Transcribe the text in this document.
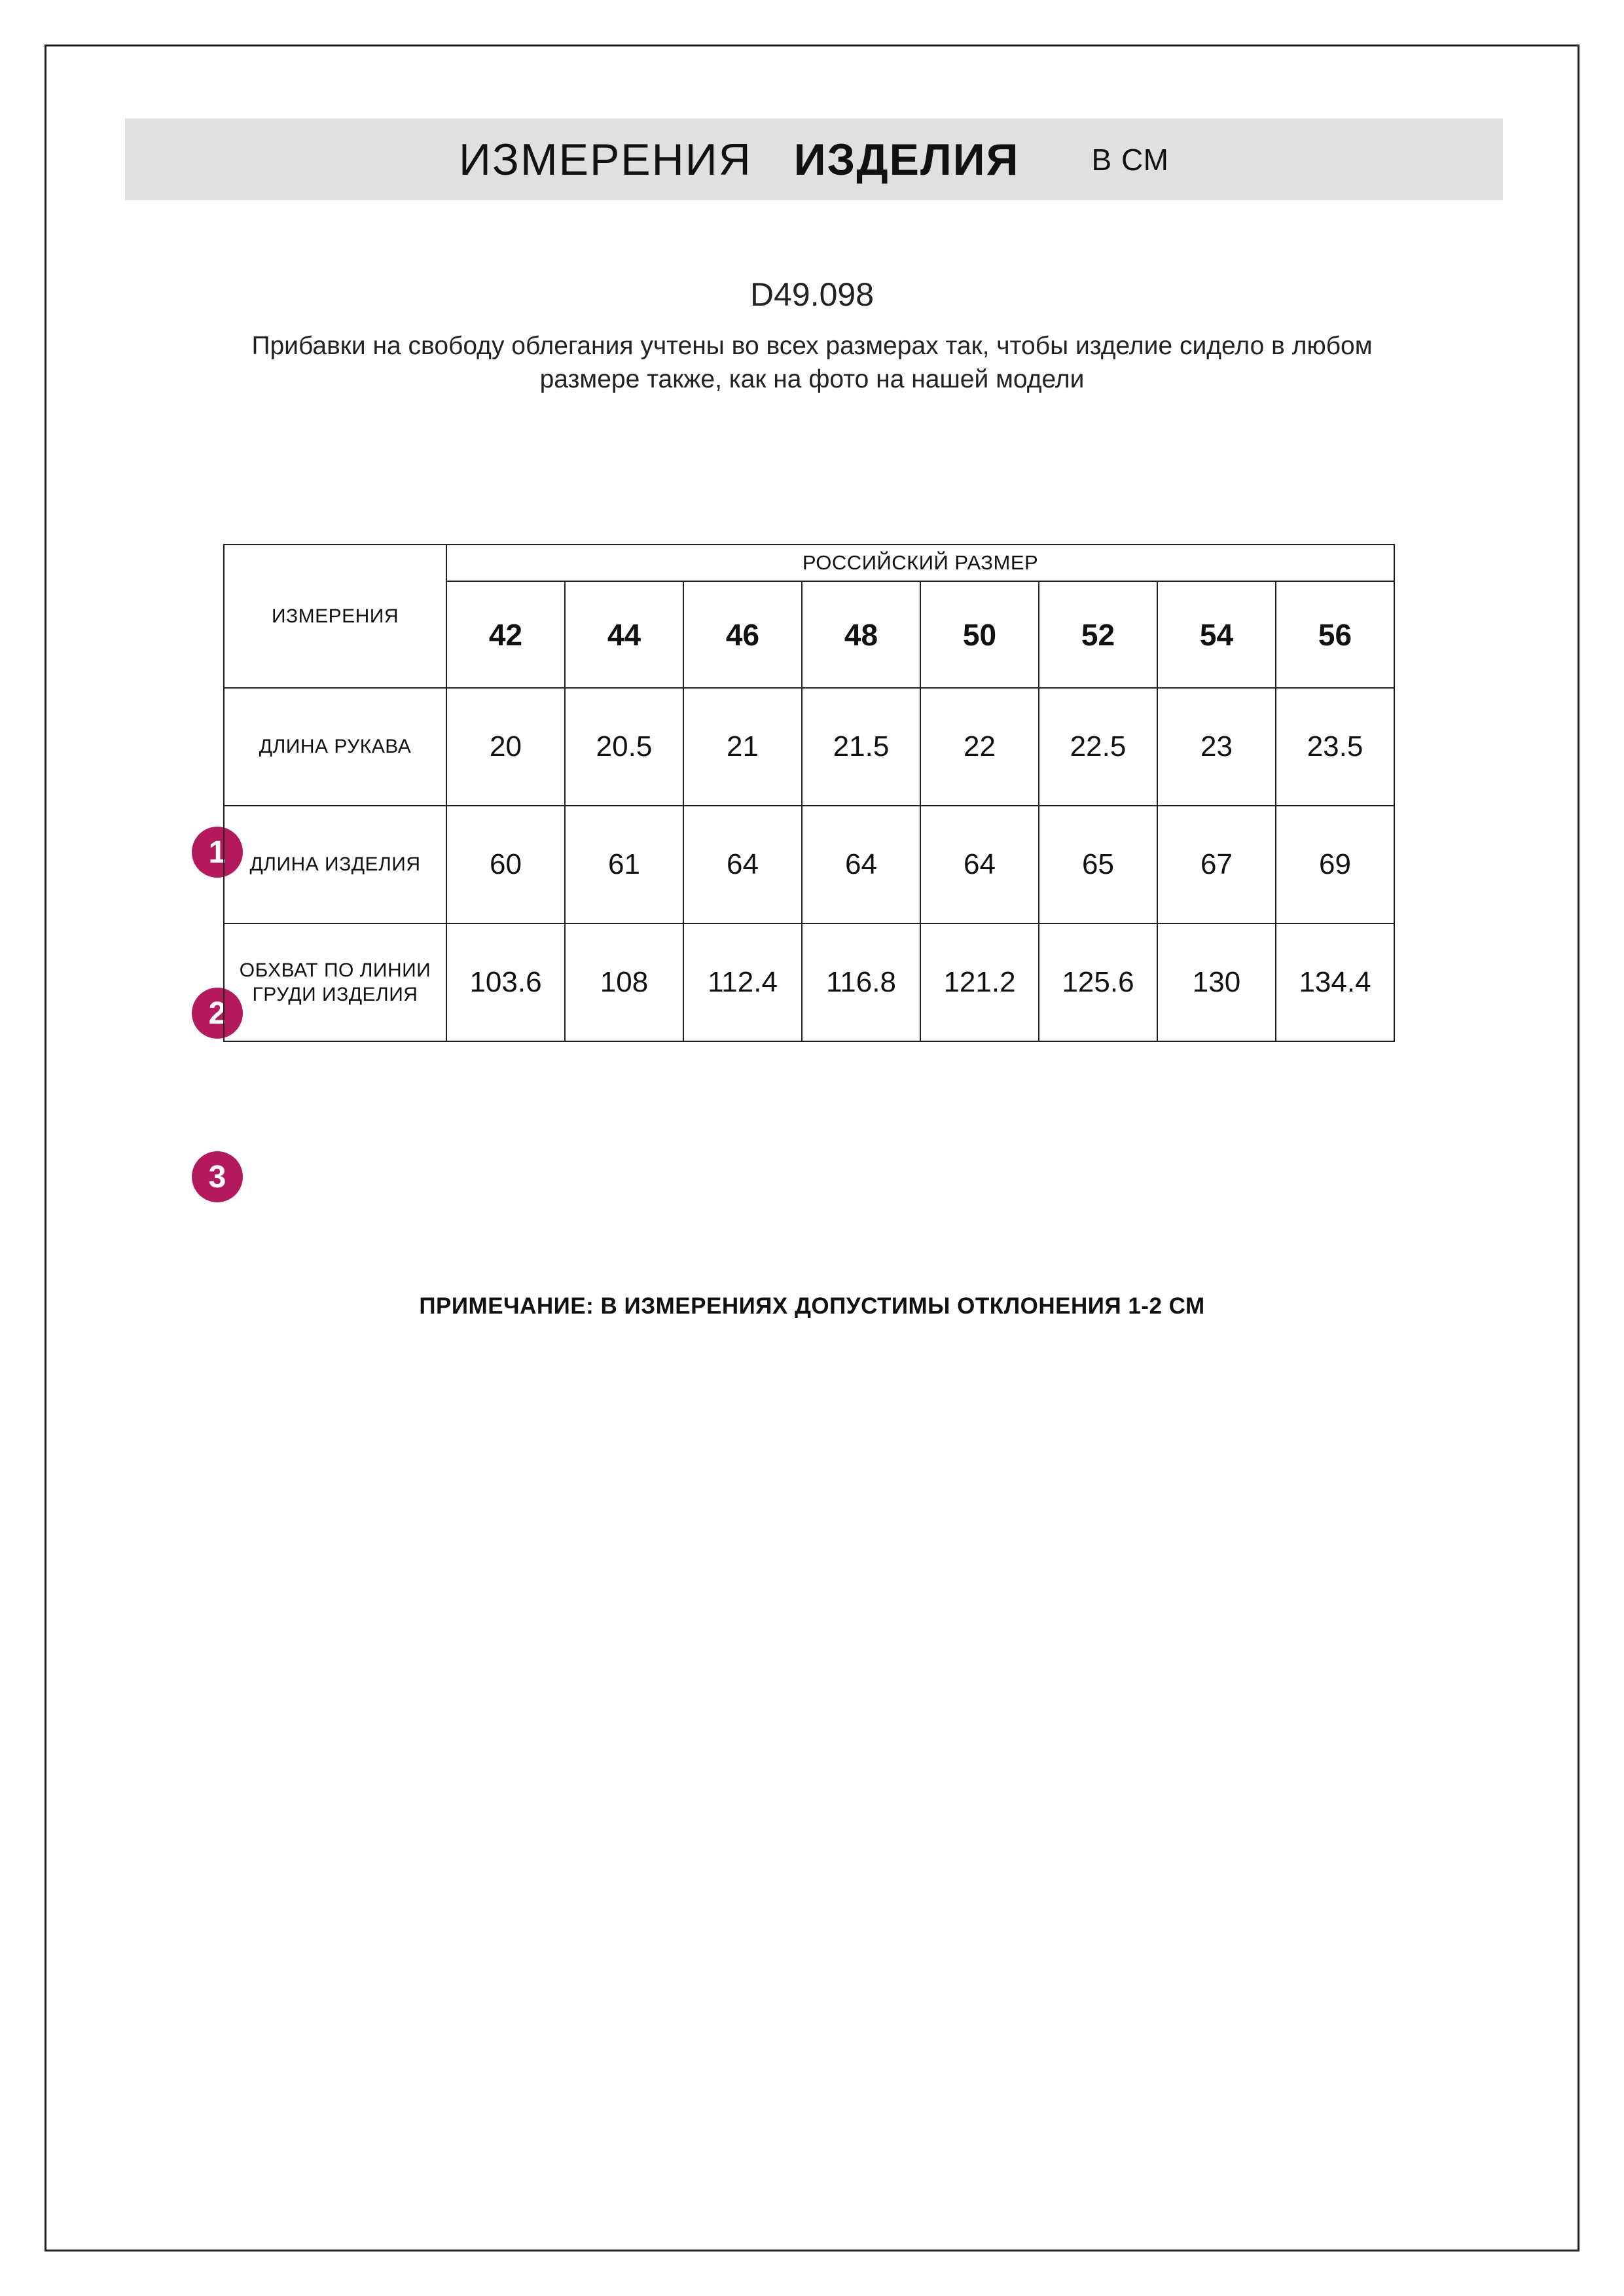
ИЗМЕРЕНИЯ ИЗДЕЛИЯ В СМ
D49.098
Прибавки на свободу облегания учтены во всех размерах так, чтобы изделие сидело в любом размере также, как на фото на нашей модели
1
2
3
ИЗМЕРЕНИЯ	РОССИЙСКИЙ РАЗМЕР							
	42	44	46	48	50	52	54	56
ДЛИНА РУКАВА	20	20.5	21	21.5	22	22.5	23	23.5
ДЛИНА ИЗДЕЛИЯ	60	61	64	64	64	65	67	69
ОБХВАТ ПО ЛИНИИ ГРУДИ ИЗДЕЛИЯ	103.6	108	112.4	116.8	121.2	125.6	130	134.4
ПРИМЕЧАНИЕ: В ИЗМЕРЕНИЯХ ДОПУСТИМЫ ОТКЛОНЕНИЯ 1-2 СМ
